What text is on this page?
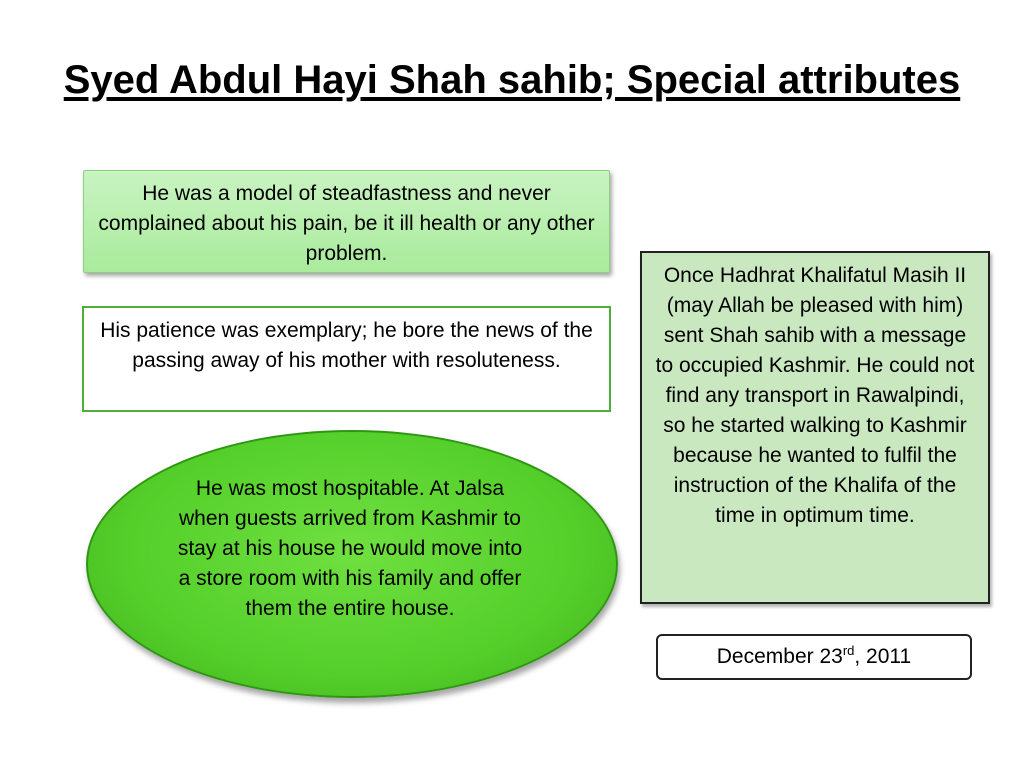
Syed Abdul Hayi Shah sahib; Special attributes
He was a model of steadfastness and never complained about his pain, be it ill health or any other problem.
His patience was exemplary; he bore the news of the passing away of his mother with resoluteness.
He was most hospitable. At Jalsa when guests arrived from Kashmir to stay at his house he would move into a store room with his family and offer them the entire house.
Once Hadhrat Khalifatul Masih II (may Allah be pleased with him) sent Shah sahib with a message to occupied Kashmir. He could not find any transport in Rawalpindi, so he started walking to Kashmir because he wanted to fulfil the instruction of the Khalifa of the time in optimum time.
December 23rd, 2011
